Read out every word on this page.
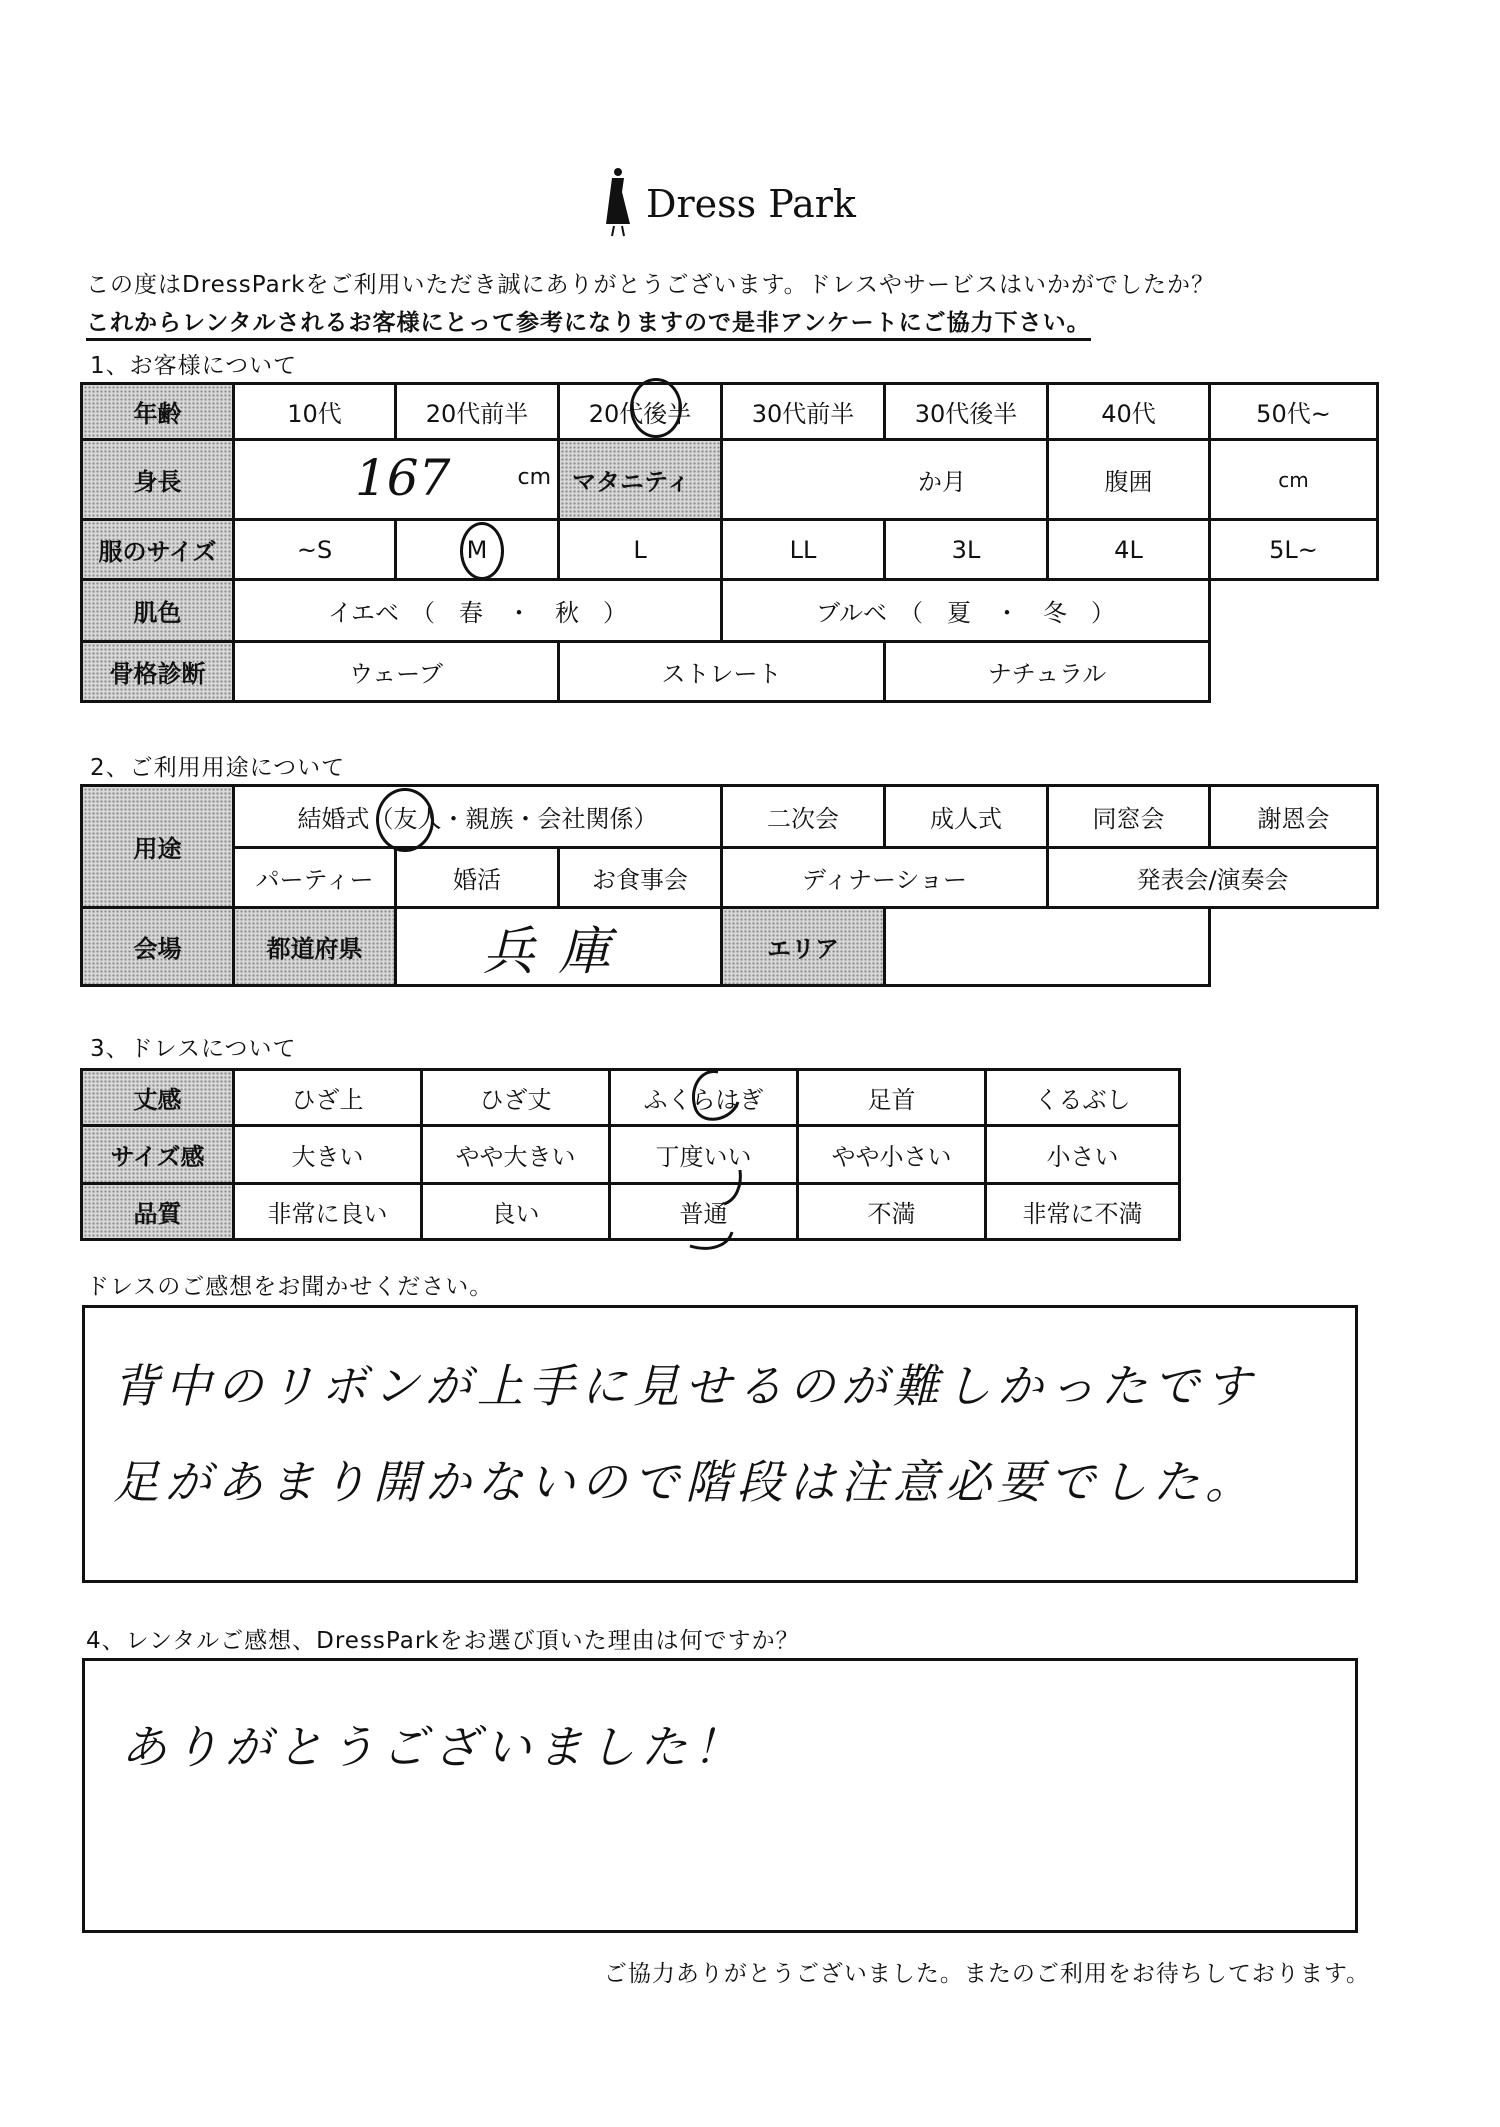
Dress Park
この度はDressParkをご利用いただき誠にありがとうございます。ドレスやサービスはいかがでしたか？
これからレンタルされるお客様にとって参考になりますので是非アンケートにご協力下さい。
1、お客様について
年齢	10代	20代前半	20代後半	30代前半	30代後半	40代	50代~
身長	167 cm		マタニティ	か月		腹囲	cm
服のサイズ	~S	M	L	LL	3L	4L	5L~
肌色	イエベ　（　春　・　秋　）			ブルベ　（　夏　・　冬　）			
骨格診断	ウェーブ		ストレート		ナチュラル		
2、ご利用用途について
用途	結婚式（友人・親族・会社関係）			二次会	成人式	同窓会	謝恩会
	パーティー	婚活	お食事会	ディナーショー		発表会/演奏会	
会場	都道府県	兵庫		エリア			
3、ドレスについて
丈感	ひざ上	ひざ丈	ふくらはぎ	足首	くるぶし
サイズ感	大きい	やや大きい	丁度いい	やや小さい	小さい
品質	非常に良い	良い	普通	不満	非常に不満
ドレスのご感想をお聞かせください。
背中のリボンが上手に見せるのが難しかったです
足があまり開かないので階段は注意必要でした。
4、レンタルご感想、DressParkをお選び頂いた理由は何ですか？
ありがとうございました！
ご協力ありがとうございました。またのご利用をお待ちしております。
